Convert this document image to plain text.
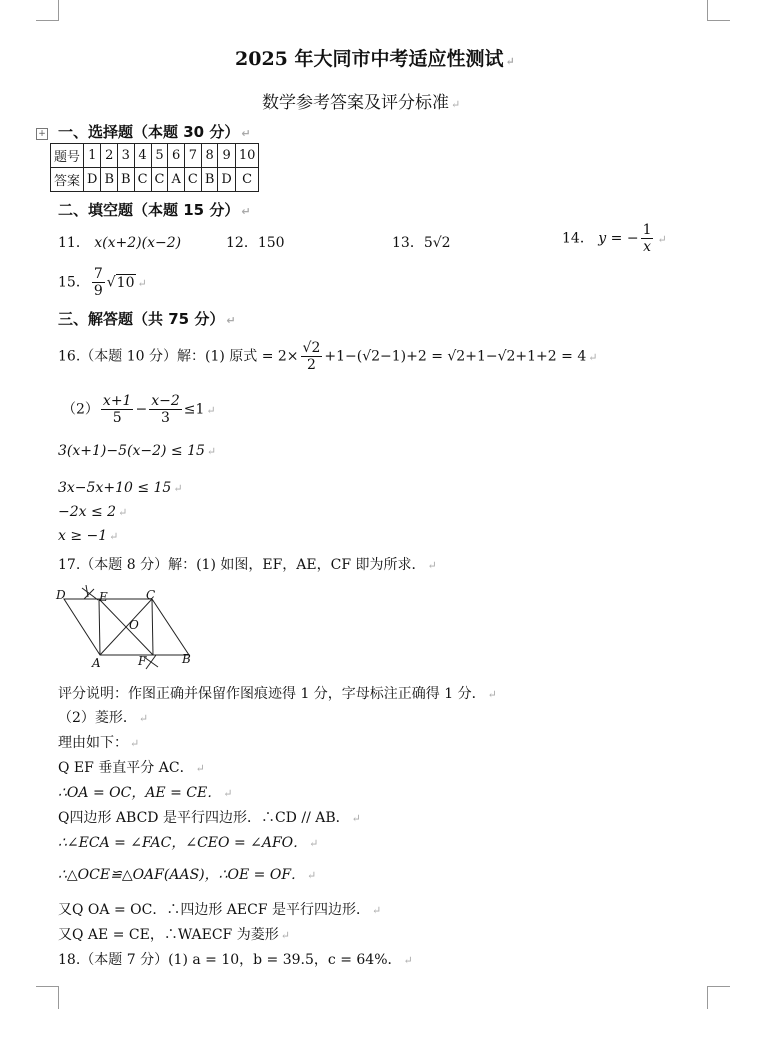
2025 年大同市中考适应性测试 ↵
数学参考答案及评分标准 ↵
+ 一、选择题（本题 30 分） ↵
题号	1	2	3	4	5	6	7	8	9	10
答案	D	B	B	C	C	A	C	B	D	C
二、填空题（本题 15 分） ↵
11． x(x+2)(x−2)	12．150	13．5√2	14． y = − $\frac{1}{x}$ ↵
15． $\frac{7}{9} √10$ ↵
三、解答题（共 75 分） ↵
16.（本题 10 分）解：(1) 原式 = $2\times \frac{√2}{2} +1-(√2-1)+2 = √2+1-√2+1+2 = 4$ ↵
$(2) \frac{x+1}{5} - \frac{x-2}{3} \le 1$ ↵
3(x+1)−5(x−2) ≤ 15 ↵
3x−5x+10 ≤ 15 ↵
−2x ≤ 2 ↵
x ≥ −1 ↵
17.（本题 8 分）解：(1) 如图，EF，AE，CF 即为所求． ↵
D	E	C
O
A	F	B
评分说明：作图正确并保留作图痕迹得 1 分，字母标注正确得 1 分． ↵
（2）菱形． ↵
理由如下： ↵
Q EF 垂直平分 AC． ↵
∴OA = OC，AE = CE． ↵
Q四边形 ABCD 是平行四边形．∴CD // AB． ↵
∴∠ECA = ∠FAC，∠CEO = ∠AFO． ↵
∴△OCE≌△OAF(AAS)，∴OE = OF． ↵
又Q OA = OC．∴四边形 AECF 是平行四边形． ↵
又Q AE = CE，∴WAECF 为菱形 ↵
18.（本题 7 分）(1) a = 10，b = 39.5，c = 64%． ↵
